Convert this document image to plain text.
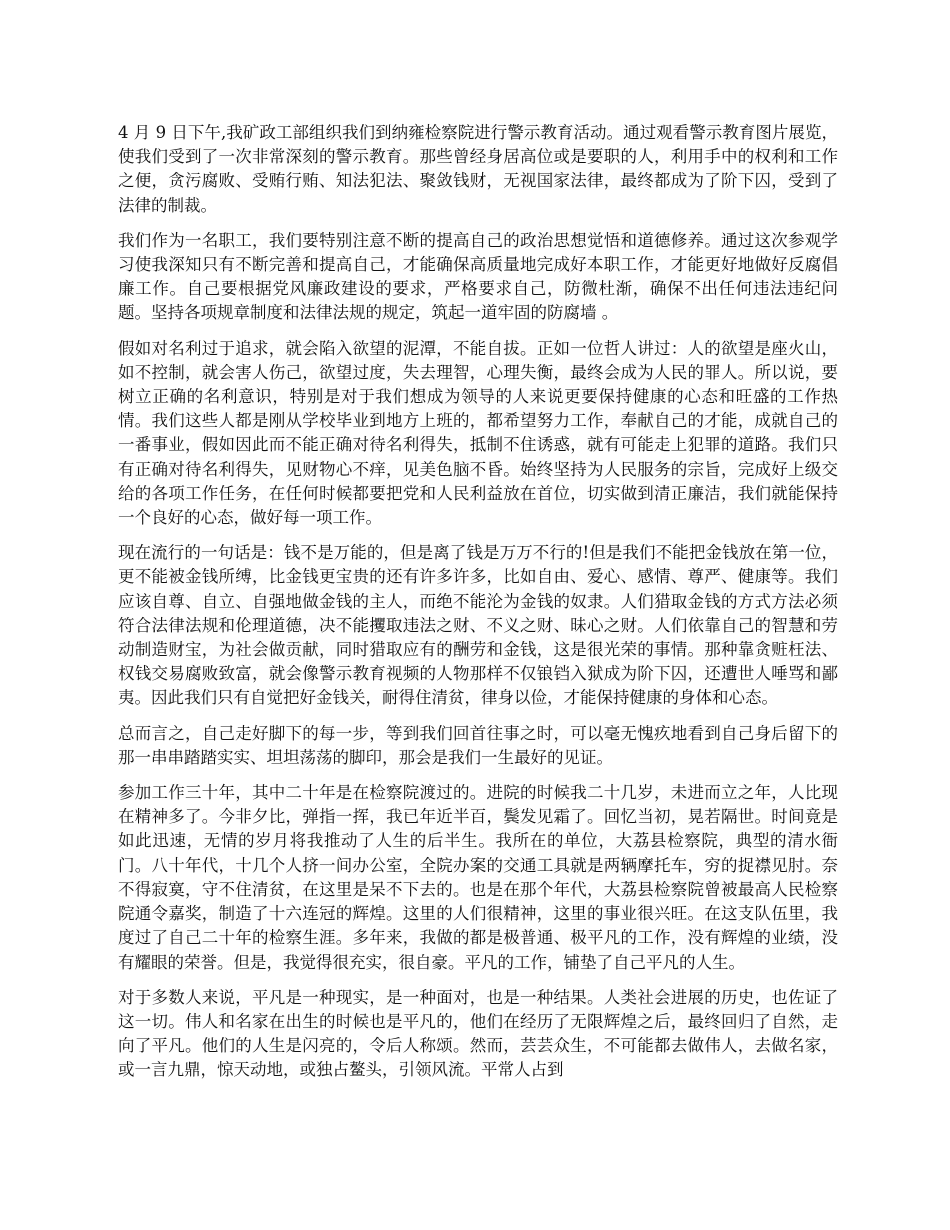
4 月 9 日下午,我矿政工部组织我们到纳雍检察院进行警示教育活动。通过观看警示教育图片展览，使我们受到了一次非常深刻的警示教育。那些曾经身居高位或是要职的人，利用手中的权利和工作之便，贪污腐败、受贿行贿、知法犯法、聚敛钱财，无视国家法律，最终都成为了阶下囚，受到了法律的制裁。

我们作为一名职工，我们要特别注意不断的提高自己的政治思想觉悟和道德修养。通过这次参观学习使我深知只有不断完善和提高自己，才能确保高质量地完成好本职工作，才能更好地做好反腐倡廉工作。自己要根据党风廉政建设的要求，严格要求自己，防微杜渐，确保不出任何违法违纪问题。坚持各项规章制度和法律法规的规定，筑起一道牢固的防腐墙 。

假如对名利过于追求，就会陷入欲望的泥潭，不能自拔。正如一位哲人讲过：人的欲望是座火山，如不控制，就会害人伤己，欲望过度，失去理智，心理失衡，最终会成为人民的罪人。所以说，要树立正确的名利意识，特别是对于我们想成为领导的人来说更要保持健康的心态和旺盛的工作热情。我们这些人都是刚从学校毕业到地方上班的，都希望努力工作，奉献自己的才能，成就自己的一番事业，假如因此而不能正确对待名利得失，抵制不住诱惑，就有可能走上犯罪的道路。我们只有正确对待名利得失，见财物心不痒，见美色脑不昏。始终坚持为人民服务的宗旨，完成好上级交给的各项工作任务，在任何时候都要把党和人民利益放在首位，切实做到清正廉洁，我们就能保持一个良好的心态，做好每一项工作。

现在流行的一句话是：钱不是万能的，但是离了钱是万万不行的!但是我们不能把金钱放在第一位，更不能被金钱所缚，比金钱更宝贵的还有许多许多，比如自由、爱心、感情、尊严、健康等。我们应该自尊、自立、自强地做金钱的主人，而绝不能沦为金钱的奴隶。人们猎取金钱的方式方法必须符合法律法规和伦理道德，决不能攫取违法之财、不义之财、昧心之财。人们依靠自己的智慧和劳动制造财宝，为社会做贡献，同时猎取应有的酬劳和金钱，这是很光荣的事情。那种靠贪赃枉法、权钱交易腐败致富，就会像警示教育视频的人物那样不仅锒铛入狱成为阶下囚，还遭世人唾骂和鄙夷。因此我们只有自觉把好金钱关，耐得住清贫，律身以俭，才能保持健康的身体和心态。

总而言之，自己走好脚下的每一步，等到我们回首往事之时，可以毫无愧疚地看到自己身后留下的那一串串踏踏实实、坦坦荡荡的脚印，那会是我们一生最好的见证。

参加工作三十年，其中二十年是在检察院渡过的。进院的时候我二十几岁，未进而立之年，人比现在精神多了。今非夕比，弹指一挥，我已年近半百，鬓发见霜了。回忆当初，晃若隔世。时间竟是如此迅速，无情的岁月将我推动了人生的后半生。我所在的单位，大荔县检察院，典型的清水衙门。八十年代，十几个人挤一间办公室，全院办案的交通工具就是两辆摩托车，穷的捉襟见肘。奈不得寂寞，守不住清贫，在这里是呆不下去的。也是在那个年代，大荔县检察院曾被最高人民检察院通令嘉奖，制造了十六连冠的辉煌。这里的人们很精神，这里的事业很兴旺。在这支队伍里，我度过了自己二十年的检察生涯。多年来，我做的都是极普通、极平凡的工作，没有辉煌的业绩，没有耀眼的荣誉。但是，我觉得很充实，很自豪。平凡的工作，铺垫了自己平凡的人生。

对于多数人来说，平凡是一种现实，是一种面对，也是一种结果。人类社会进展的历史，也佐证了这一切。伟人和名家在出生的时候也是平凡的，他们在经历了无限辉煌之后，最终回归了自然，走向了平凡。他们的人生是闪亮的，令后人称颂。然而，芸芸众生，不可能都去做伟人，去做名家，或一言九鼎，惊天动地，或独占鳌头，引领风流。平常人占到
